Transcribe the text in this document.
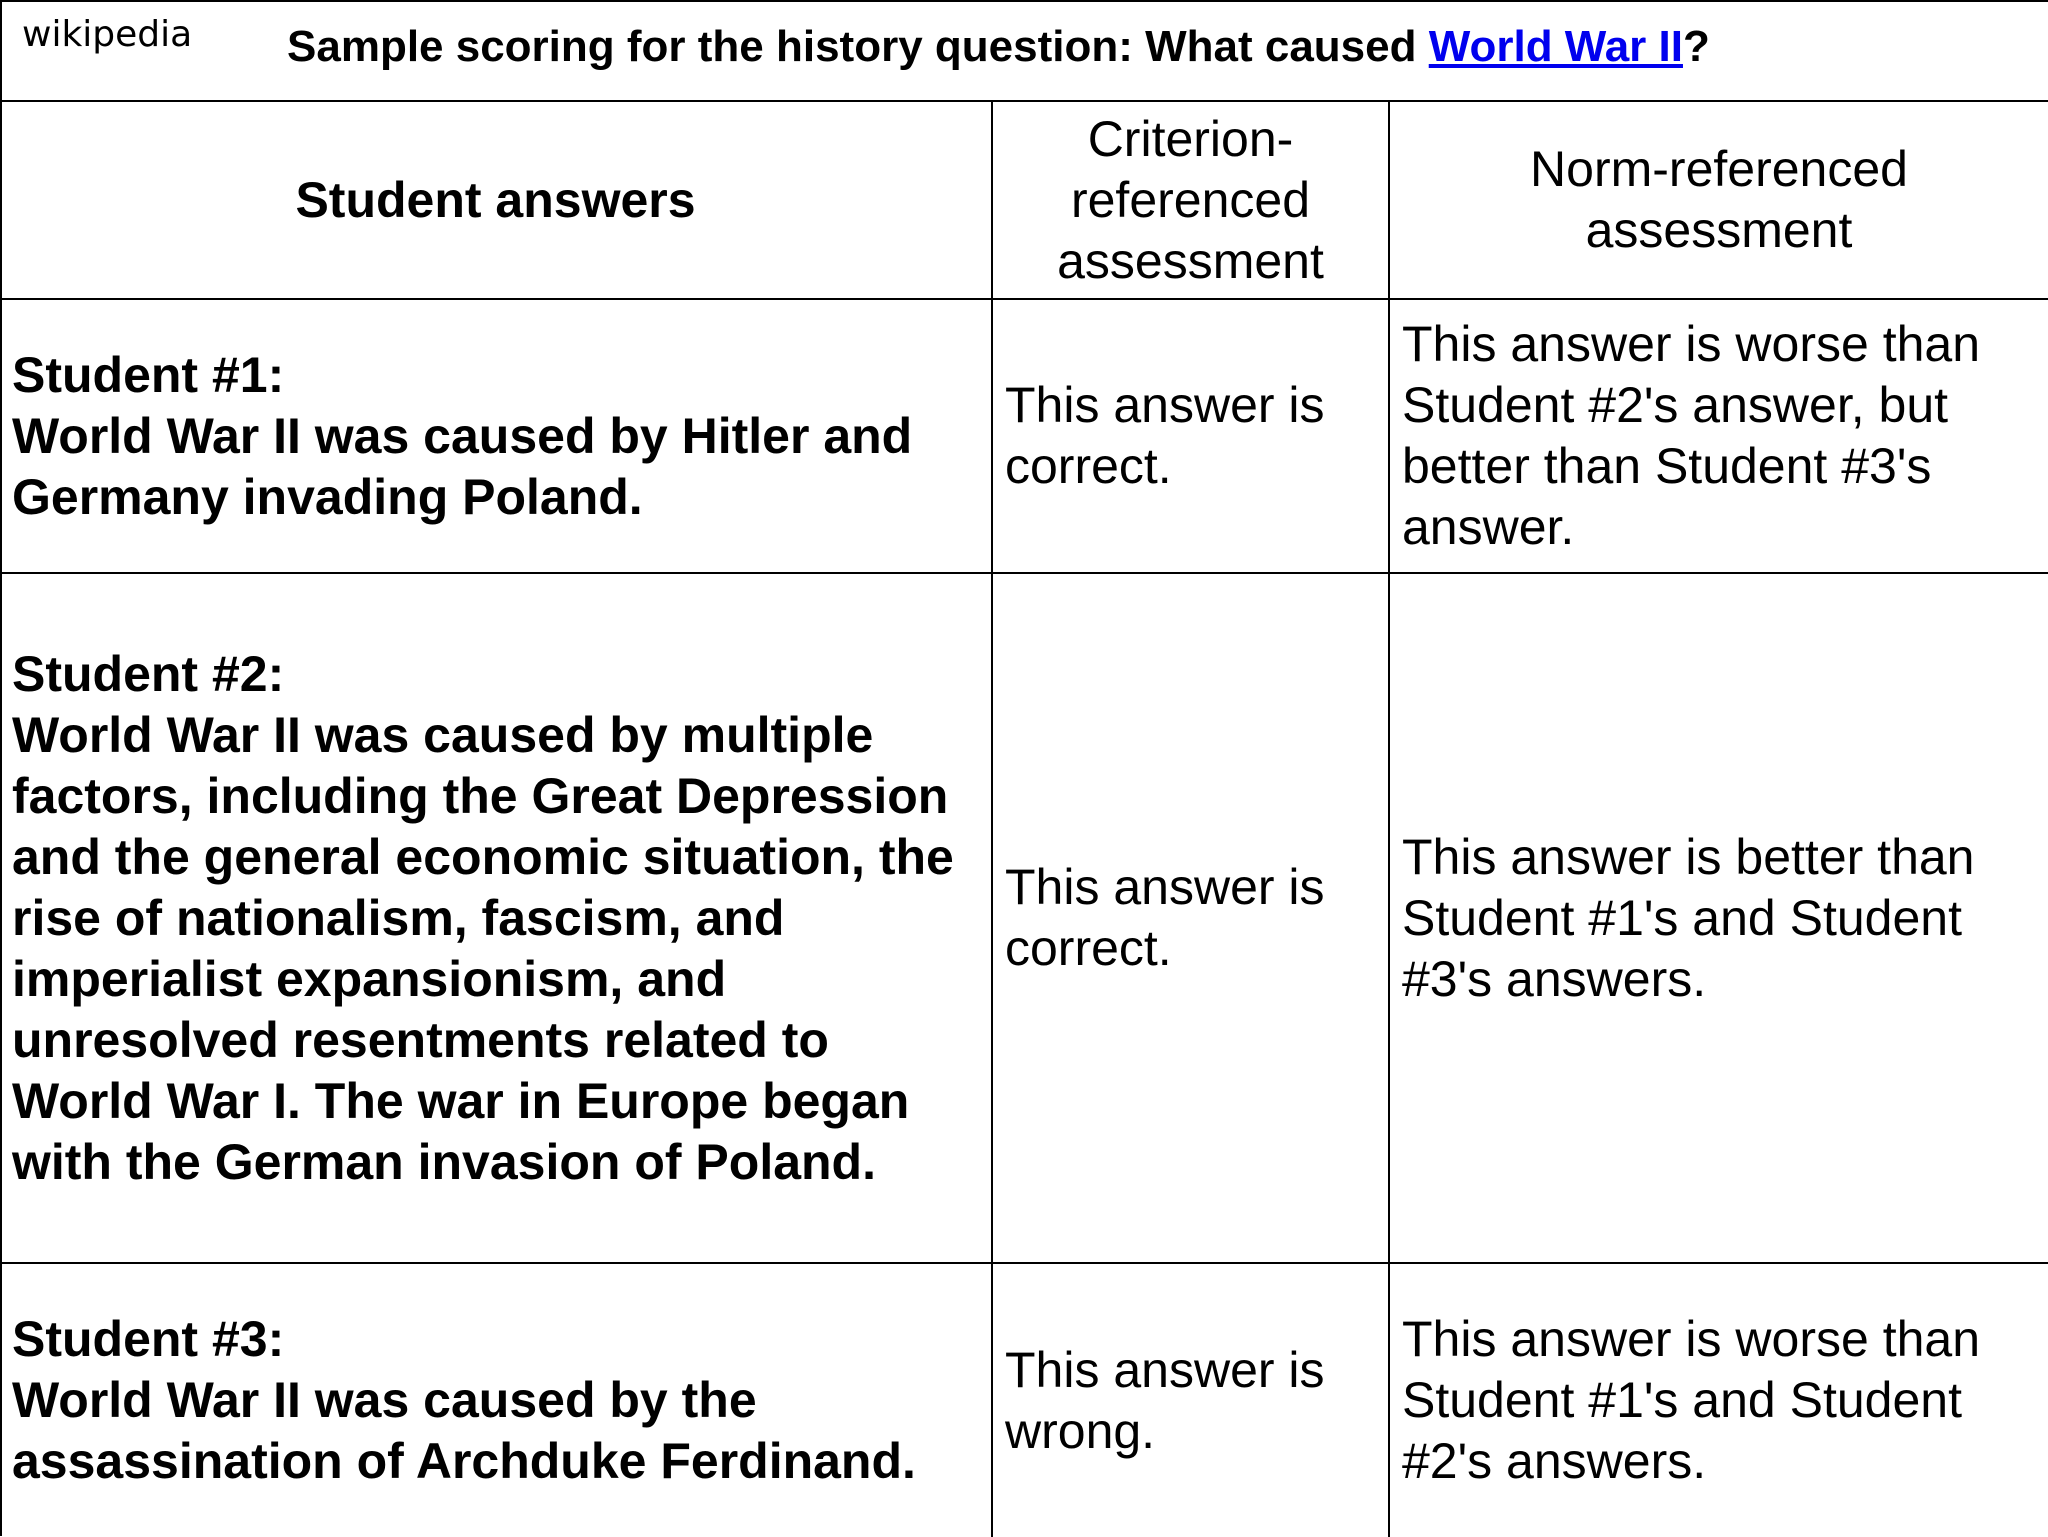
wikipedia Sample scoring for the history question: What caused World War II?
Student answers	Criterion-referenced assessment	Norm-referenced assessment

Student #1:
World War II was caused by Hitler and Germany invading Poland.	This answer is correct.	This answer is worse than Student #2's answer, but better than Student #3's answer.

Student #2:
World War II was caused by multiple factors, including the Great Depression and the general economic situation, the rise of nationalism, fascism, and imperialist expansionism, and unresolved resentments related to World War I. The war in Europe began with the German invasion of Poland.	This answer is correct.	This answer is better than Student #1's and Student #3's answers.

Student #3:
World War II was caused by the assassination of Archduke Ferdinand.	This answer is wrong.	This answer is worse than Student #1's and Student #2's answers.
